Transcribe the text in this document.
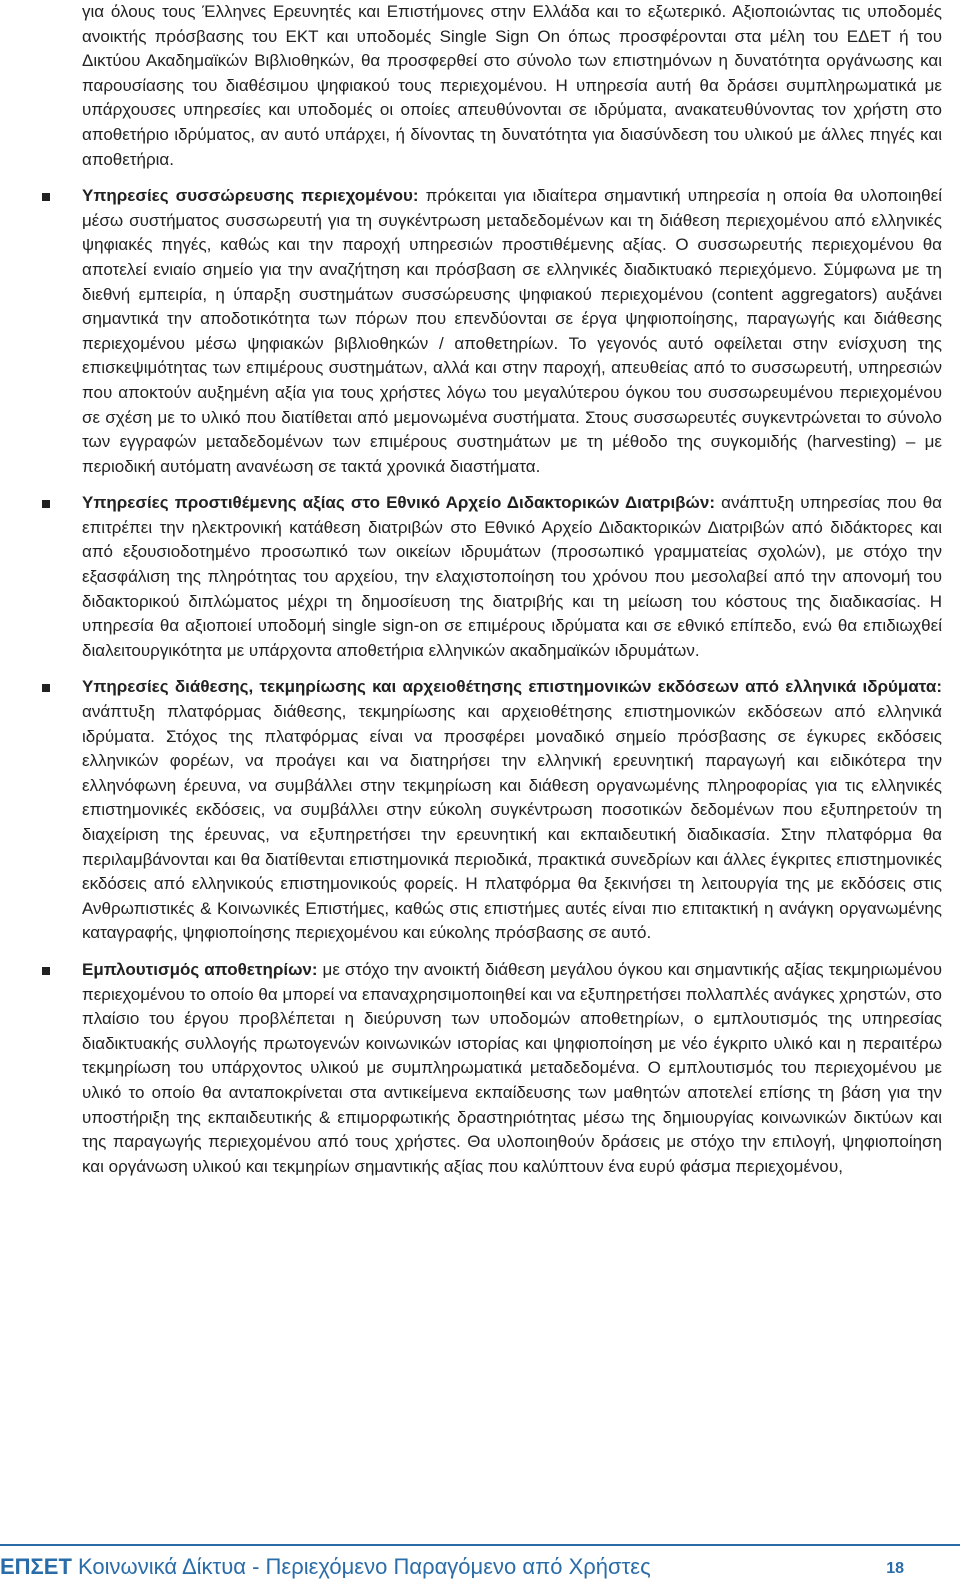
για όλους τους Έλληνες Ερευνητές και Επιστήμονες στην Ελλάδα και το εξωτερικό. Αξιοποιώντας τις υποδομές ανοικτής πρόσβασης του ΕΚΤ και υποδομές Single Sign On όπως προσφέρονται στα μέλη του ΕΔΕΤ ή του Δικτύου Ακαδημαϊκών Βιβλιοθηκών, θα προσφερθεί στο σύνολο των επιστημόνων η δυνατότητα οργάνωσης και παρουσίασης του διαθέσιμου ψηφιακού τους περιεχομένου. Η υπηρεσία αυτή θα δράσει συμπληρωματικά με υπάρχουσες υπηρεσίες και υποδομές οι οποίες απευθύνονται σε ιδρύματα, ανακατευθύνοντας τον χρήστη στο αποθετήριο ιδρύματος, αν αυτό υπάρχει, ή δίνοντας τη δυνατότητα για διασύνδεση του υλικού με άλλες πηγές και αποθετήρια.

Υπηρεσίες συσσώρευσης περιεχομένου: πρόκειται για ιδιαίτερα σημαντική υπηρεσία η οποία θα υλοποιηθεί μέσω συστήματος συσσωρευτή για τη συγκέντρωση μεταδεδομένων και τη διάθεση περιεχομένου από ελληνικές ψηφιακές πηγές, καθώς και την παροχή υπηρεσιών προστιθέμενης αξίας. Ο συσσωρευτής περιεχομένου θα αποτελεί ενιαίο σημείο για την αναζήτηση και πρόσβαση σε ελληνικές διαδικτυακό περιεχόμενο. Σύμφωνα με τη διεθνή εμπειρία, η ύπαρξη συστημάτων συσσώρευσης ψηφιακού περιεχομένου (content aggregators) αυξάνει σημαντικά την αποδοτικότητα των πόρων που επενδύονται σε έργα ψηφιοποίησης, παραγωγής και διάθεσης περιεχομένου μέσω ψηφιακών βιβλιοθηκών / αποθετηρίων. Το γεγονός αυτό οφείλεται στην ενίσχυση της επισκεψιμότητας των επιμέρους συστημάτων, αλλά και στην παροχή, απευθείας από το συσσωρευτή, υπηρεσιών που αποκτούν αυξημένη αξία για τους χρήστες λόγω του μεγαλύτερου όγκου του συσσωρευμένου περιεχομένου σε σχέση με το υλικό που διατίθεται από μεμονωμένα συστήματα. Στους συσσωρευτές συγκεντρώνεται το σύνολο των εγγραφών μεταδεδομένων των επιμέρους συστημάτων με τη μέθοδο της συγκομιδής (harvesting) – με περιοδική αυτόματη ανανέωση σε τακτά χρονικά διαστήματα.

Υπηρεσίες προστιθέμενης αξίας στο Εθνικό Αρχείο Διδακτορικών Διατριβών: ανάπτυξη υπηρεσίας που θα επιτρέπει την ηλεκτρονική κατάθεση διατριβών στο Εθνικό Αρχείο Διδακτορικών Διατριβών από διδάκτορες και από εξουσιοδοτημένο προσωπικό των οικείων ιδρυμάτων (προσωπικό γραμματείας σχολών), με στόχο την εξασφάλιση της πληρότητας του αρχείου, την ελαχιστοποίηση του χρόνου που μεσολαβεί από την απονομή του διδακτορικού διπλώματος μέχρι τη δημοσίευση της διατριβής και τη μείωση του κόστους της διαδικασίας. Η υπηρεσία θα αξιοποιεί υποδομή single sign-on σε επιμέρους ιδρύματα και σε εθνικό επίπεδο, ενώ θα επιδιωχθεί διαλειτουργικότητα με υπάρχοντα αποθετήρια ελληνικών ακαδημαϊκών ιδρυμάτων.

Υπηρεσίες διάθεσης, τεκμηρίωσης και αρχειοθέτησης επιστημονικών εκδόσεων από ελληνικά ιδρύματα: ανάπτυξη πλατφόρμας διάθεσης, τεκμηρίωσης και αρχειοθέτησης επιστημονικών εκδόσεων από ελληνικά ιδρύματα. Στόχος της πλατφόρμας είναι να προσφέρει μοναδικό σημείο πρόσβασης σε έγκυρες εκδόσεις ελληνικών φορέων, να προάγει και να διατηρήσει την ελληνική ερευνητική παραγωγή και ειδικότερα την ελληνόφωνη έρευνα, να συμβάλλει στην τεκμηρίωση και διάθεση οργανωμένης πληροφορίας για τις ελληνικές επιστημονικές εκδόσεις, να συμβάλλει στην εύκολη συγκέντρωση ποσοτικών δεδομένων που εξυπηρετούν τη διαχείριση της έρευνας, να εξυπηρετήσει την ερευνητική και εκπαιδευτική διαδικασία. Στην πλατφόρμα θα περιλαμβάνονται και θα διατίθενται επιστημονικά περιοδικά, πρακτικά συνεδρίων και άλλες έγκριτες επιστημονικές εκδόσεις από ελληνικούς επιστημονικούς φορείς. Η πλατφόρμα θα ξεκινήσει τη λειτουργία της με εκδόσεις στις Ανθρωπιστικές & Κοινωνικές Επιστήμες, καθώς στις επιστήμες αυτές είναι πιο επιτακτική η ανάγκη οργανωμένης καταγραφής, ψηφιοποίησης περιεχομένου και εύκολης πρόσβασης σε αυτό.

Εμπλουτισμός αποθετηρίων: με στόχο την ανοικτή διάθεση μεγάλου όγκου και σημαντικής αξίας τεκμηριωμένου περιεχομένου το οποίο θα μπορεί να επαναχρησιμοποιηθεί και να εξυπηρετήσει πολλαπλές ανάγκες χρηστών, στο πλαίσιο του έργου προβλέπεται η διεύρυνση των υποδομών αποθετηρίων, ο εμπλουτισμός της υπηρεσίας διαδικτυακής συλλογής πρωτογενών κοινωνικών ιστορίας και ψηφιοποίηση με νέο έγκριτο υλικό και η περαιτέρω τεκμηρίωση του υπάρχοντος υλικού με συμπληρωματικά μεταδεδομένα. Ο εμπλουτισμός του περιεχομένου με υλικό το οποίο θα ανταποκρίνεται στα αντικείμενα εκπαίδευσης των μαθητών αποτελεί επίσης τη βάση για την υποστήριξη της εκπαιδευτικής & επιμορφωτικής δραστηριότητας μέσω της δημιουργίας κοινωνικών δικτύων και της παραγωγής περιεχομένου από τους χρήστες. Θα υλοποιηθούν δράσεις με στόχο την επιλογή, ψηφιοποίηση και οργάνωση υλικού και τεκμηρίων σημαντικής αξίας που καλύπτουν ένα ευρύ φάσμα περιεχομένου,

ΕΠΣΕΤ Κοινωνικά Δίκτυα - Περιεχόμενο Παραγόμενο από Χρήστες	18
